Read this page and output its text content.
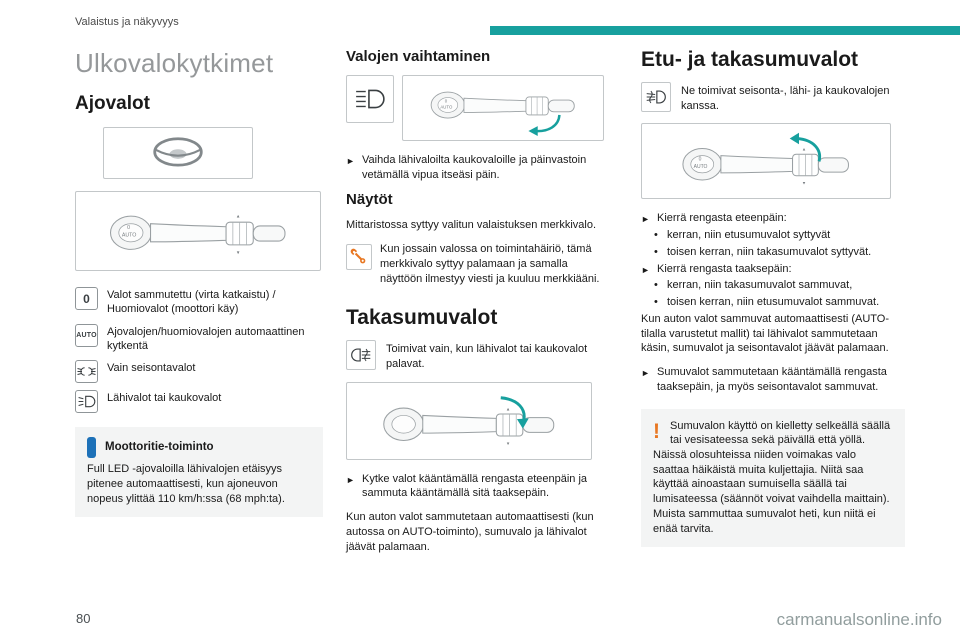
Valaistus ja näkyvyys
Ulkovalokytkimet
Ajovalot
0
AUTO
▲
▼
0	Valot sammutettu (virta katkaistu) / Huomiovalot (moottori käy)
AUTO Ajovalojen/huomiovalojen automaattinen kytkentä
Vain seisontavalot
Lähivalot tai kaukovalot
Moottoritie-toiminto
Full LED -ajovaloilla lähivalojen etäisyys pitenee automaattisesti, kun ajoneuvon nopeus ylittää 110 km/h:ssa (68 mph:ta).
Valojen vaihtaminen
0
AUTO
► Vaihda lähivaloilta kaukovaloille ja päinvastoin vetämällä vipua itseäsi päin.
Näytöt

Mittaristossa syttyy valitun valaistuksen merkkivalo.

Kun jossain valossa on toimintahäiriö, tämä merkkivalo syttyy palamaan ja samalla näyttöön ilmestyy viesti ja kuuluu merkkiääni.
Takasumuvalot
Toimivat vain, kun lähivalot tai kaukovalot palavat.
▲
▼
► Kytke valot kääntämällä rengasta eteenpäin ja sammuta kääntämällä sitä taaksepäin.

Kun auton valot sammutetaan automaattisesti (kun autossa on AUTO-toiminto), sumuvalo ja lähivalot jäävät palamaan.

Etu- ja takasumuvalot
Ne toimivat seisonta-, lähi- ja kaukovalojen kanssa.
0
AUTO
▲
▼
► Kierrä rengasta eteenpäin:
• kerran, niin etusumuvalot syttyvät
• toisen kerran, niin takasumuvalot syttyvät.
► Kierrä rengasta taaksepäin:
• kerran, niin takasumuvalot sammuvat,
• toisen kerran, niin etusumuvalot sammuvat.

Kun auton valot sammuvat automaattisesti (AUTO-tilalla varustetut mallit) tai lähivalot sammutetaan käsin, sumuvalot ja seisontavalot jäävät palamaan.

► Sumuvalot sammutetaan kääntämällä rengasta taaksepäin, ja myös seisontavalot sammuvat.
! Sumuvalon käyttö on kielletty selkeällä säällä tai vesisateessa sekä päivällä että yöllä. Näissä olosuhteissa niiden voimakas valo saattaa häikäistä muita kuljettajia. Niitä saa käyttää ainoastaan sumuisella säällä tai lumisateessa (säännöt voivat vaihdella maittain). Muista sammuttaa sumuvalot heti, kun niitä ei enää tarvita.
80	carmanualsonline.info
